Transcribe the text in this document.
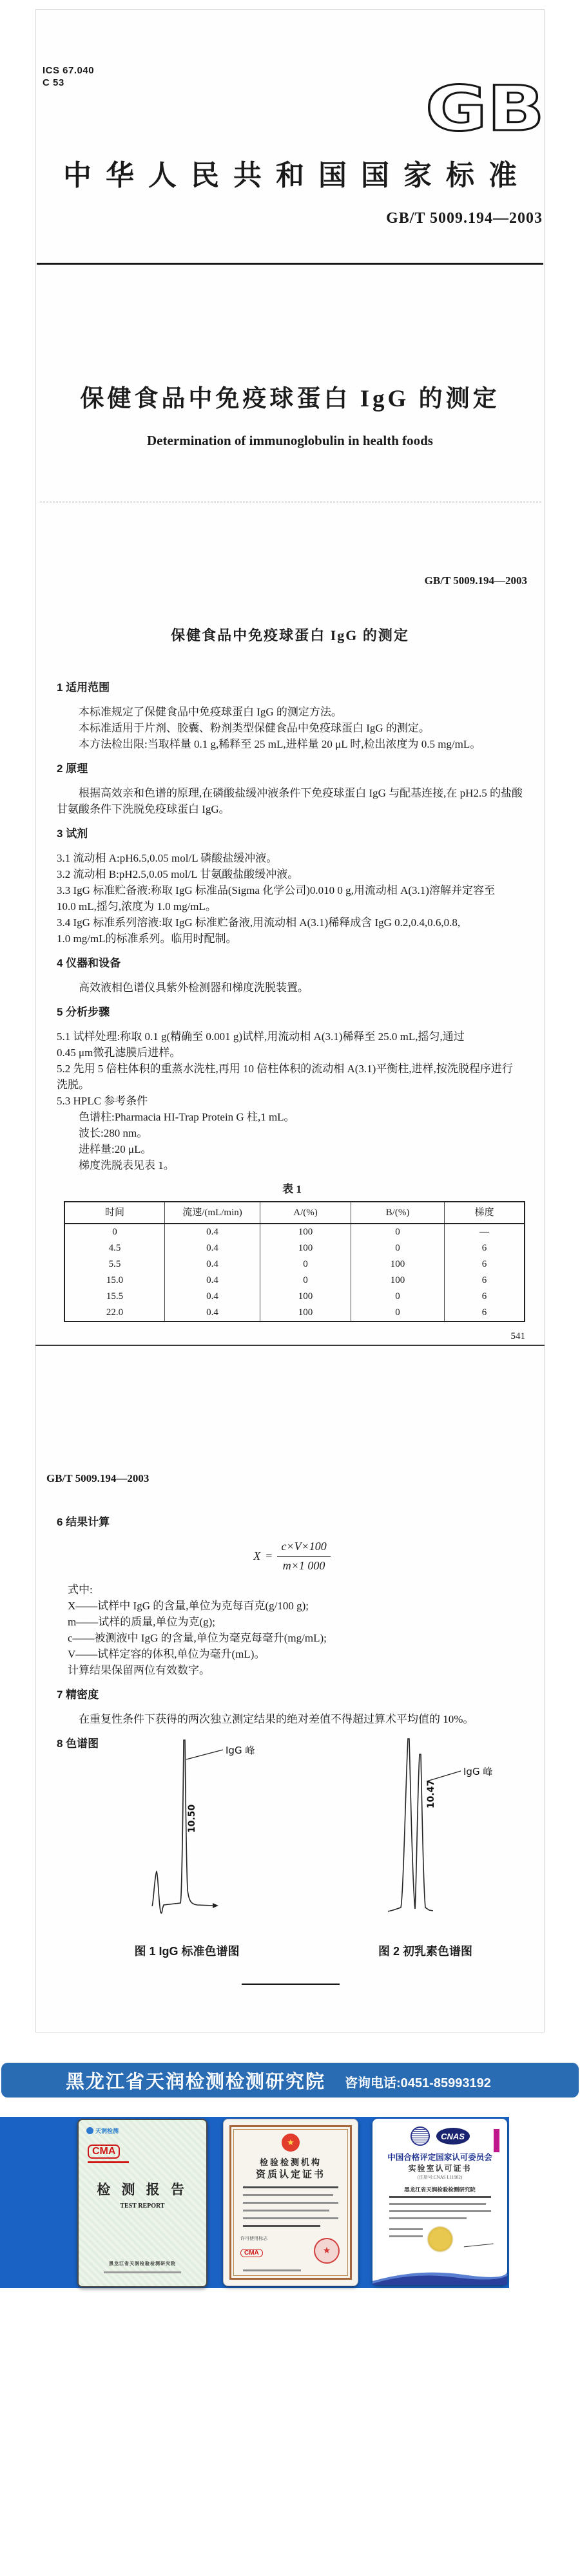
ICS 67.040
C 53	GB
中华人民共和国国家标准
GB/T 5009.194—2003
保健食品中免疫球蛋白 IgG 的测定
Determination of immunoglobulin in health foods
GB/T 5009.194—2003
保健食品中免疫球蛋白 IgG 的测定
1 适用范围
本标准规定了保健食品中免疫球蛋白 IgG 的测定方法。
本标准适用于片剂、胶囊、粉剂类型保健食品中免疫球蛋白 IgG 的测定。
本方法检出限:当取样量 0.1 g,稀释至 25 mL,进样量 20 μL 时,检出浓度为 0.5 mg/mL。
2 原理
根据高效亲和色谱的原理,在磷酸盐缓冲液条件下免疫球蛋白 IgG 与配基连接,在 pH2.5 的盐酸
甘氨酸条件下洗脱免疫球蛋白 IgG。
3 试剂
3.1 流动相 A:pH6.5,0.05 mol/L 磷酸盐缓冲液。
3.2 流动相 B:pH2.5,0.05 mol/L 甘氨酸盐酸缓冲液。
3.3 IgG 标准贮备液:称取 IgG 标准品(Sigma 化学公司)0.010 0 g,用流动相 A(3.1)溶解并定容至
10.0 mL,摇匀,浓度为 1.0 mg/mL。
3.4 IgG 标准系列溶液:取 IgG 标准贮备液,用流动相 A(3.1)稀释成含 IgG 0.2,0.4,0.6,0.8,
1.0 mg/mL的标准系列。临用时配制。
4 仪器和设备
高效液相色谱仪具紫外检测器和梯度洗脱装置。
5 分析步骤
5.1 试样处理:称取 0.1 g(精确至 0.001 g)试样,用流动相 A(3.1)稀释至 25.0 mL,摇匀,通过
0.45 μm微孔滤膜后进样。
5.2 先用 5 倍柱体积的重蒸水洗柱,再用 10 倍柱体积的流动相 A(3.1)平衡柱,进样,按洗脱程序进行
洗脱。
5.3 HPLC 参考条件
色谱柱:Pharmacia HI-Trap Protein G 柱,1 mL。
波长:280 nm。
进样量:20 μL。
梯度洗脱表见表 1。
表 1
时间	流速/(mL/min)	A/(%)	B/(%)	梯度
0	0.4	100	0	—
4.5	0.4	100	0	6
5.5	0.4	0	100	6
15.0	0.4	0	100	6
15.5	0.4	100	0	6
22.0	0.4	100	0	6
541
GB/T 5009.194—2003
6 结果计算
$X = \frac{c\times V\times 100}{m\times 1 000}$
式中:
X——试样中 IgG 的含量,单位为克每百克(g/100 g);
m——试样的质量,单位为克(g);
c——被测液中 IgG 的含量,单位为毫克每毫升(mg/mL);
V——试样定容的体积,单位为毫升(mL)。
计算结果保留两位有效数字。
7 精密度
在重复性条件下获得的两次独立测定结果的绝对差值不得超过算术平均值的 10%。
8 色谱图
IgG 峰
10.50
图 1 IgG 标准色谱图
IgG 峰
10.47
图 2 初乳素色谱图
黑龙江省天润检测检测研究院 咨询电话:0451-85993192
天润检测
CMA
检 测 报 告
TEST REPORT
黑龙江省天润检验检测研究院
★
检验检测机构
资质认定证书
许可使用标志
CMA	★
CNAS
中国合格评定国家认可委员会
实验室认可证书
(注册号:CNAS L11982)
黑龙江省天润检验检测研究院
